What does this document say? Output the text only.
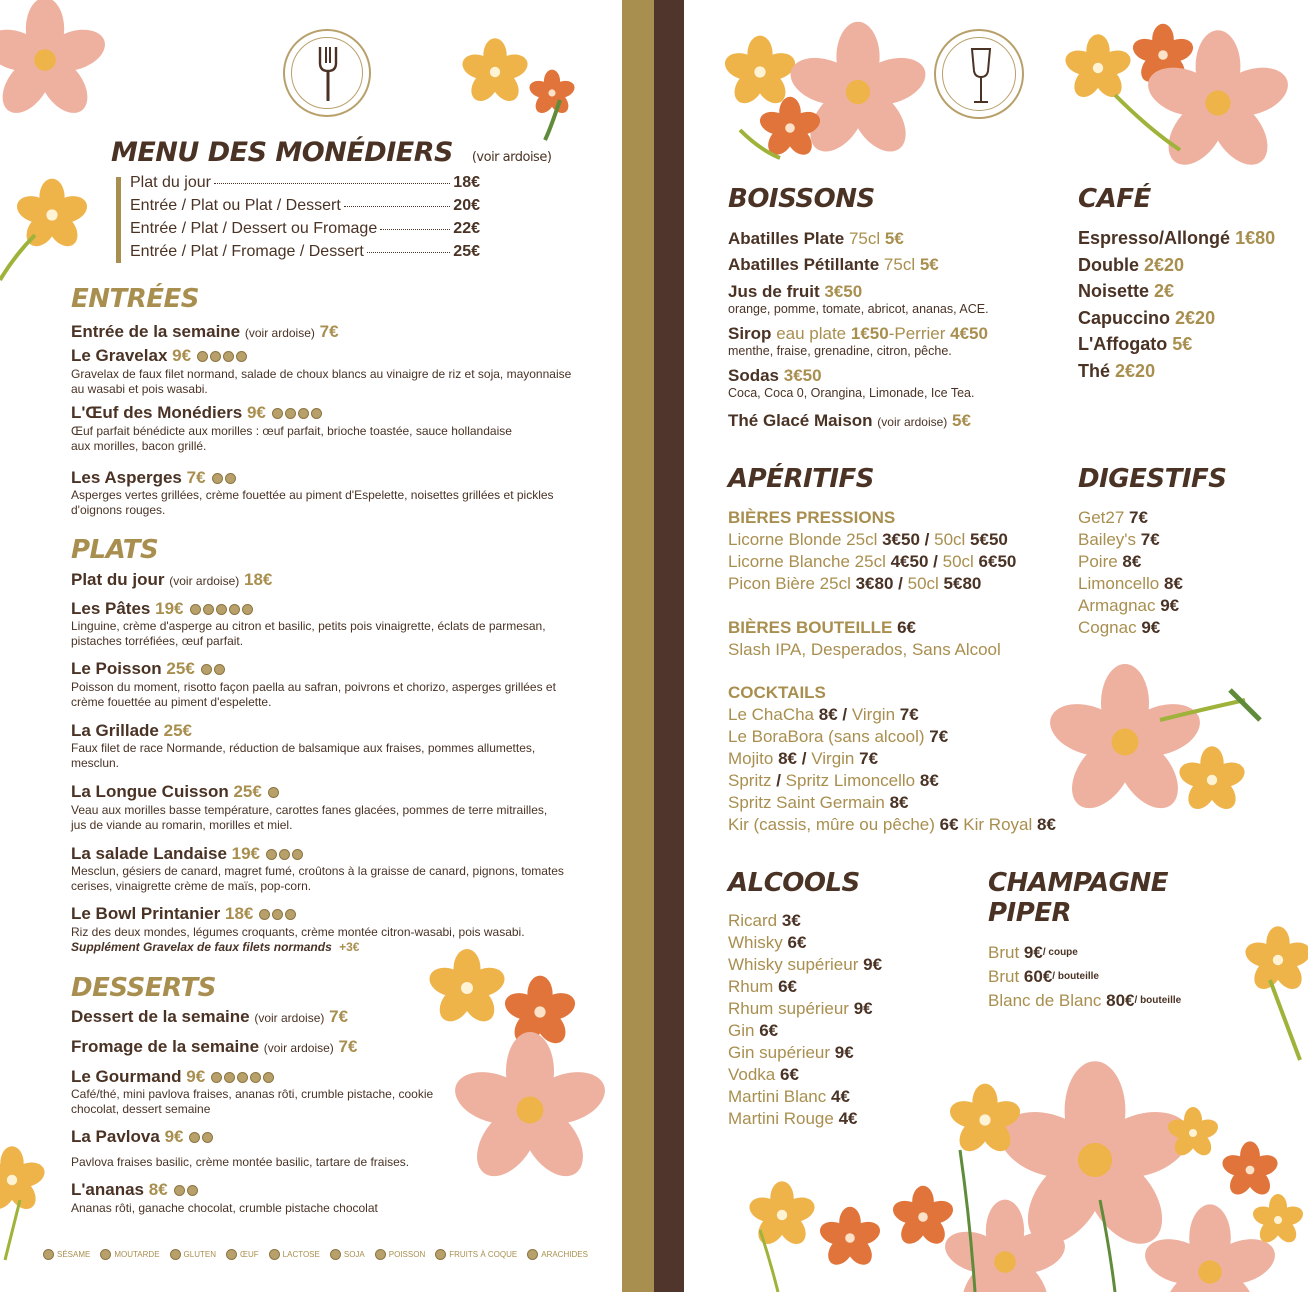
MENU DES MONÉDIERS (voir ardoise)
Plat du jour	18€
Entrée / Plat ou Plat / Dessert	20€
Entrée / Plat / Dessert ou Fromage	22€
Entrée / Plat / Fromage / Dessert	25€
ENTRÉES
Entrée de la semaine (voir ardoise) 7€
Le Gravelax 9€
Gravelax de faux filet normand, salade de choux blancs au vinaigre de riz et soja, mayonnaise au wasabi et pois wasabi.
L'Œuf des Monédiers 9€
Œuf parfait bénédicte aux morilles : œuf parfait, brioche toastée, sauce hollandaise aux morilles, bacon grillé.
Les Asperges 7€
Asperges vertes grillées, crème fouettée au piment d'Espelette, noisettes grillées et pickles d'oignons rouges.
PLATS
Plat du jour (voir ardoise) 18€
Les Pâtes 19€
Linguine, crème d'asperge au citron et basilic, petits pois vinaigrette, éclats de parmesan, pistaches torréfiées, œuf parfait.
Le Poisson 25€
Poisson du moment, risotto façon paella au safran, poivrons et chorizo, asperges grillées et crème fouettée au piment d'espelette.
La Grillade 25€
Faux filet de race Normande, réduction de balsamique aux fraises, pommes allumettes, mesclun.
La Longue Cuisson 25€
Veau aux morilles basse température, carottes fanes glacées, pommes de terre mitrailles, jus de viande au romarin, morilles et miel.
La salade Landaise 19€
Mesclun, gésiers de canard, magret fumé, croûtons à la graisse de canard, pignons, tomates cerises, vinaigrette crème de maïs, pop-corn.
Le Bowl Printanier 18€
Riz des deux mondes, légumes croquants, crème montée citron-wasabi, pois wasabi.
Supplément Gravelax de faux filets normands +3€
DESSERTS
Dessert de la semaine (voir ardoise) 7€
Fromage de la semaine (voir ardoise) 7€
Le Gourmand 9€
Café/thé, mini pavlova fraises, ananas rôti, crumble pistache, cookie chocolat, dessert semaine
La Pavlova 9€
Pavlova fraises basilic, crème montée basilic, tartare de fraises.
L'ananas 8€
Ananas rôti, ganache chocolat, crumble pistache chocolat
SÉSAME	MOUTARDE	GLUTEN	ŒUF	LACTOSE	SOJA	POISSON	FRUITS À COQUE	ARACHIDES
BOISSONS
Abatilles Plate 75cl 5€
Abatilles Pétillante 75cl 5€
Jus de fruit 3€50
orange, pomme, tomate, abricot, ananas, ACE.
Sirop eau plate 1€50-Perrier 4€50
menthe, fraise, grenadine, citron, pêche.
Sodas 3€50
Coca, Coca 0, Orangina, Limonade, Ice Tea.
Thé Glacé Maison (voir ardoise) 5€
CAFÉ
Espresso/Allongé 1€80
Double 2€20
Noisette 2€
Capuccino 2€20
L'Affogato 5€
Thé 2€20
APÉRITIFS
BIÈRES PRESSIONS
Licorne Blonde 25cl 3€50 / 50cl 5€50
Licorne Blanche 25cl 4€50 / 50cl 6€50
Picon Bière 25cl 3€80 / 50cl 5€80
BIÈRES BOUTEILLE 6€
Slash IPA, Desperados, Sans Alcool
COCKTAILS
Le ChaCha 8€ / Virgin 7€
Le BoraBora (sans alcool) 7€
Mojito 8€ / Virgin 7€
Spritz / Spritz Limoncello 8€
Spritz Saint Germain 8€
Kir (cassis, mûre ou pêche) 6€ Kir Royal 8€
DIGESTIFS
Get27 7€
Bailey's 7€
Poire 8€
Limoncello 8€
Armagnac 9€
Cognac 9€
ALCOOLS
Ricard 3€
Whisky 6€
Whisky supérieur 9€
Rhum 6€
Rhum supérieur 9€
Gin 6€
Gin supérieur 9€
Vodka 6€
Martini Blanc 4€
Martini Rouge 4€
CHAMPAGNE
PIPER
Brut 9€$^{/ coupe}$
Brut 60€$^{/ bouteille}$
Blanc de Blanc 80€$^{/ bouteille}$
